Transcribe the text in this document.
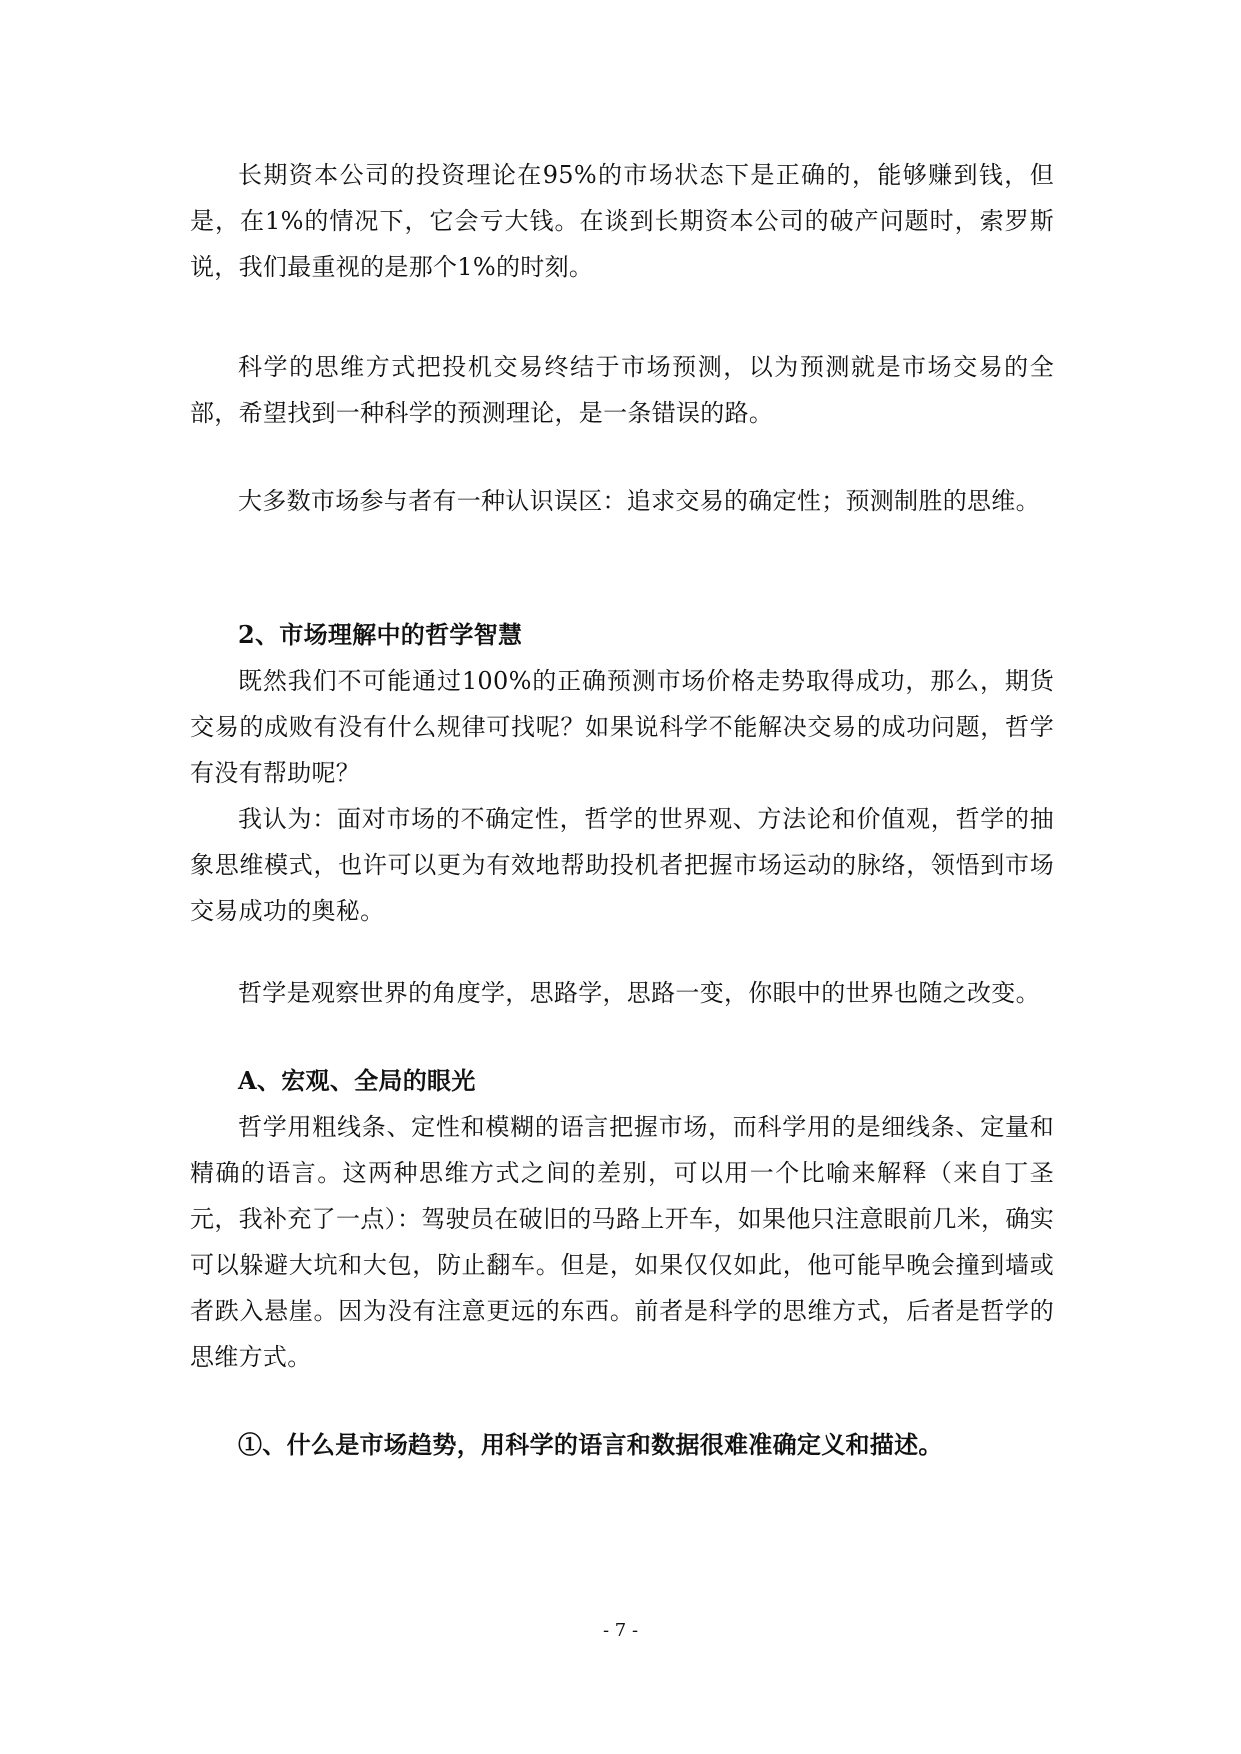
长期资本公司的投资理论在95%的市场状态下是正确的，能够赚到钱，但是，在1%的情况下，它会亏大钱。在谈到长期资本公司的破产问题时，索罗斯说，我们最重视的是那个1%的时刻。

科学的思维方式把投机交易终结于市场预测，以为预测就是市场交易的全部，希望找到一种科学的预测理论，是一条错误的路。

大多数市场参与者有一种认识误区：追求交易的确定性；预测制胜的思维。

2、市场理解中的哲学智慧

既然我们不可能通过100%的正确预测市场价格走势取得成功，那么，期货交易的成败有没有什么规律可找呢？如果说科学不能解决交易的成功问题，哲学有没有帮助呢？

我认为：面对市场的不确定性，哲学的世界观、方法论和价值观，哲学的抽象思维模式，也许可以更为有效地帮助投机者把握市场运动的脉络，领悟到市场交易成功的奥秘。

哲学是观察世界的角度学，思路学，思路一变，你眼中的世界也随之改变。

A、宏观、全局的眼光

哲学用粗线条、定性和模糊的语言把握市场，而科学用的是细线条、定量和精确的语言。这两种思维方式之间的差别，可以用一个比喻来解释（来自丁圣元，我补充了一点）：驾驶员在破旧的马路上开车，如果他只注意眼前几米，确实可以躲避大坑和大包，防止翻车。但是，如果仅仅如此，他可能早晚会撞到墙或者跌入悬崖。因为没有注意更远的东西。前者是科学的思维方式，后者是哲学的思维方式。

①、什么是市场趋势，用科学的语言和数据很难准确定义和描述。

- 7 -
